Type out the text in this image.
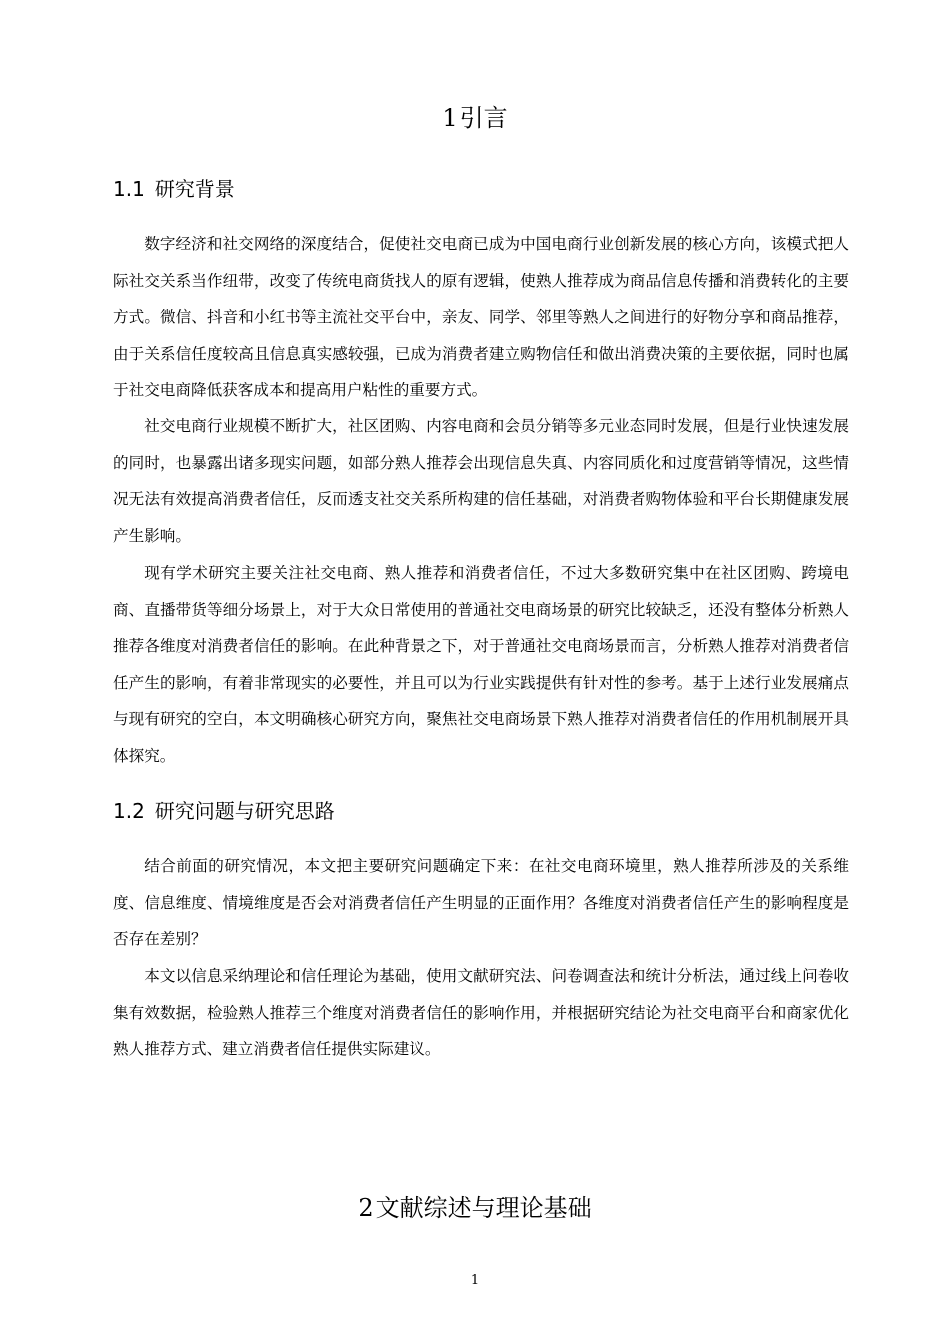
1引言
1.1 研究背景

数字经济和社交网络的深度结合，促使社交电商已成为中国电商行业创新发展的核心方向，该模式把人际社交关系当作纽带，改变了传统电商货找人的原有逻辑，使熟人推荐成为商品信息传播和消费转化的主要方式。微信、抖音和小红书等主流社交平台中，亲友、同学、邻里等熟人之间进行的好物分享和商品推荐，由于关系信任度较高且信息真实感较强，已成为消费者建立购物信任和做出消费决策的主要依据，同时也属于社交电商降低获客成本和提高用户粘性的重要方式。

社交电商行业规模不断扩大，社区团购、内容电商和会员分销等多元业态同时发展，但是行业快速发展的同时，也暴露出诸多现实问题，如部分熟人推荐会出现信息失真、内容同质化和过度营销等情况，这些情况无法有效提高消费者信任，反而透支社交关系所构建的信任基础，对消费者购物体验和平台长期健康发展产生影响。

现有学术研究主要关注社交电商、熟人推荐和消费者信任，不过大多数研究集中在社区团购、跨境电商、直播带货等细分场景上，对于大众日常使用的普通社交电商场景的研究比较缺乏，还没有整体分析熟人推荐各维度对消费者信任的影响。在此种背景之下，对于普通社交电商场景而言，分析熟人推荐对消费者信任产生的影响，有着非常现实的必要性，并且可以为行业实践提供有针对性的参考。基于上述行业发展痛点与现有研究的空白，本文明确核心研究方向，聚焦社交电商场景下熟人推荐对消费者信任的作用机制展开具体探究。

1.2 研究问题与研究思路

结合前面的研究情况，本文把主要研究问题确定下来：在社交电商环境里，熟人推荐所涉及的关系维度、信息维度、情境维度是否会对消费者信任产生明显的正面作用？各维度对消费者信任产生的影响程度是否存在差别？

本文以信息采纳理论和信任理论为基础，使用文献研究法、问卷调查法和统计分析法，通过线上问卷收集有效数据，检验熟人推荐三个维度对消费者信任的影响作用，并根据研究结论为社交电商平台和商家优化熟人推荐方式、建立消费者信任提供实际建议。

2文献综述与理论基础
1
